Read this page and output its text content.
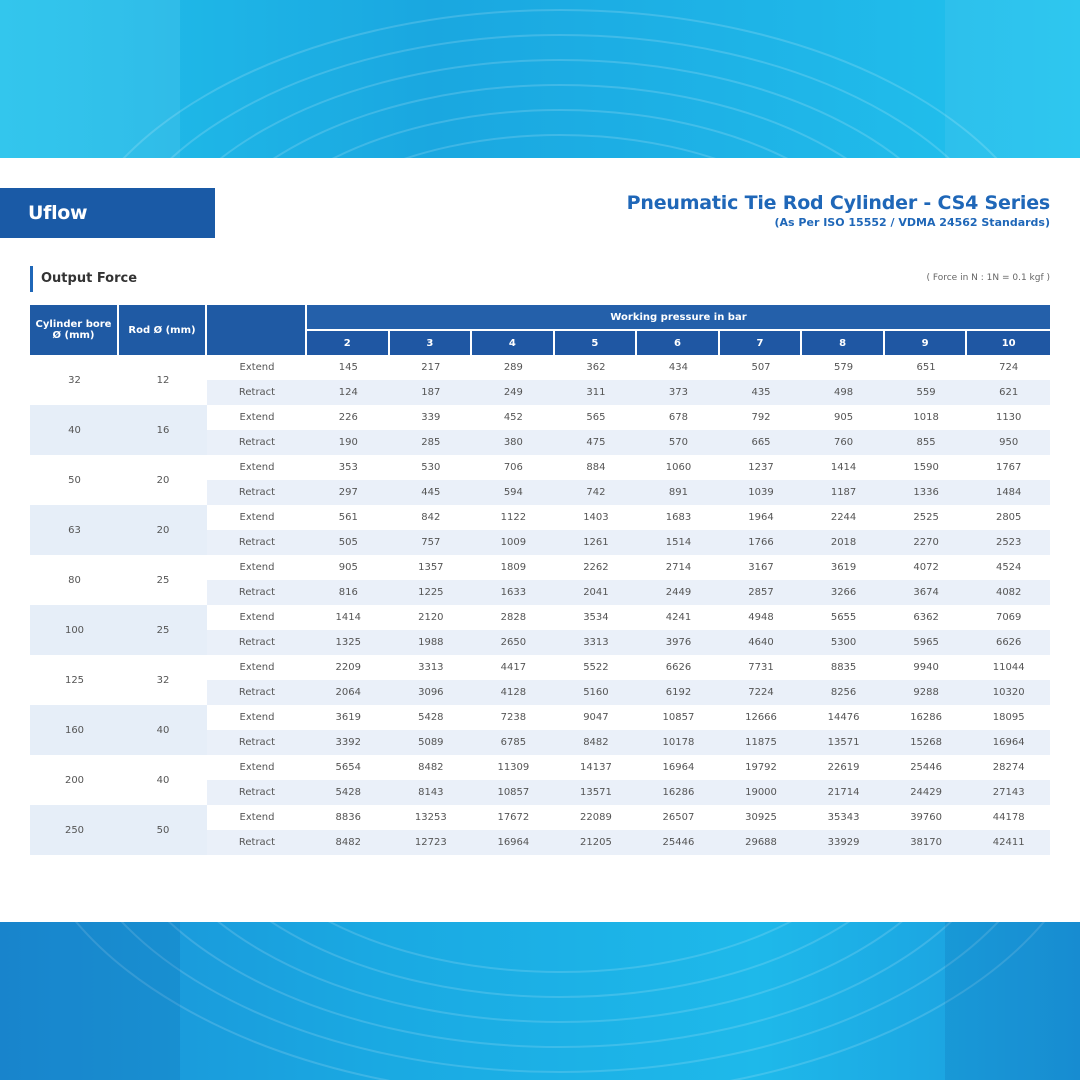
Uflow Automation
Pneumatic Tie Rod Cylinder - CS4 Series
(As Per ISO 15552 / VDMA 24562 Standards)
Output Force	( Force in N : 1N = 0.1 kgf )
Cylinder bore Ø (mm)	Rod Ø (mm)		Working pressure in bar								
			2	3	4	5	6	7	8	9	10
32	12	Extend	145	217	289	362	434	507	579	651	724
		Retract	124	187	249	311	373	435	498	559	621
40	16	Extend	226	339	452	565	678	792	905	1018	1130
		Retract	190	285	380	475	570	665	760	855	950
50	20	Extend	353	530	706	884	1060	1237	1414	1590	1767
		Retract	297	445	594	742	891	1039	1187	1336	1484
63	20	Extend	561	842	1122	1403	1683	1964	2244	2525	2805
		Retract	505	757	1009	1261	1514	1766	2018	2270	2523
80	25	Extend	905	1357	1809	2262	2714	3167	3619	4072	4524
		Retract	816	1225	1633	2041	2449	2857	3266	3674	4082
100	25	Extend	1414	2120	2828	3534	4241	4948	5655	6362	7069
		Retract	1325	1988	2650	3313	3976	4640	5300	5965	6626
125	32	Extend	2209	3313	4417	5522	6626	7731	8835	9940	11044
		Retract	2064	3096	4128	5160	6192	7224	8256	9288	10320
160	40	Extend	3619	5428	7238	9047	10857	12666	14476	16286	18095
		Retract	3392	5089	6785	8482	10178	11875	13571	15268	16964
200	40	Extend	5654	8482	11309	14137	16964	19792	22619	25446	28274
		Retract	5428	8143	10857	13571	16286	19000	21714	24429	27143
250	50	Extend	8836	13253	17672	22089	26507	30925	35343	39760	44178
		Retract	8482	12723	16964	21205	25446	29688	33929	38170	42411
